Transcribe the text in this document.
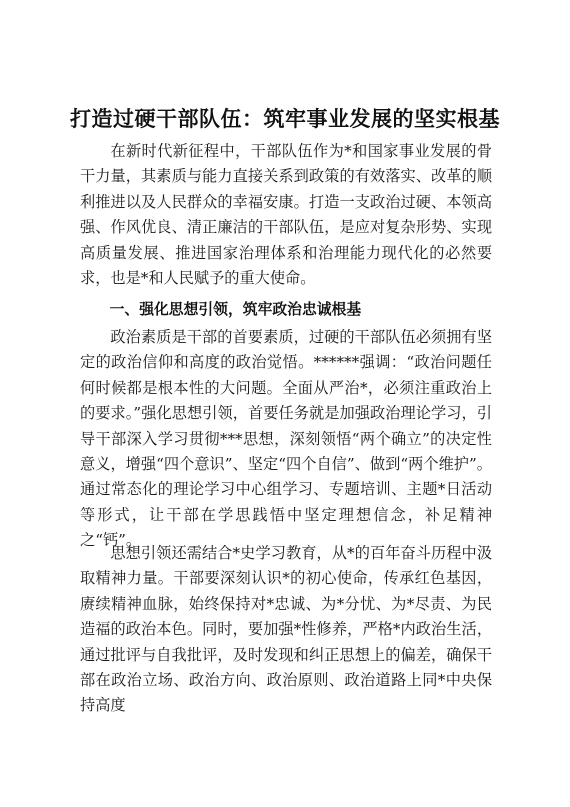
打造过硬干部队伍：筑牢事业发展的坚实根基

在新时代新征程中，干部队伍作为*和国家事业发展的骨干力量，其素质与能力直接关系到政策的有效落实、改革的顺利推进以及人民群众的幸福安康。打造一支政治过硬、本领高强、作风优良、清正廉洁的干部队伍，是应对复杂形势、实现高质量发展、推进国家治理体系和治理能力现代化的必然要求，也是*和人民赋予的重大使命。

一、强化思想引领，筑牢政治忠诚根基

政治素质是干部的首要素质，过硬的干部队伍必须拥有坚定的政治信仰和高度的政治觉悟。******强调：“政治问题任何时候都是根本性的大问题。全面从严治*，必须注重政治上的要求。”强化思想引领，首要任务就是加强政治理论学习，引导干部深入学习贯彻***思想，深刻领悟“两个确立”的决定性意义，增强“四个意识”、坚定“四个自信”、做到“两个维护”。通过常态化的理论学习中心组学习、专题培训、主题*日活动等形式，让干部在学思践悟中坚定理想信念，补足精神之“钙”。

思想引领还需结合*史学习教育，从*的百年奋斗历程中汲取精神力量。干部要深刻认识*的初心使命，传承红色基因，赓续精神血脉，始终保持对*忠诚、为*分忧、为*尽责、为民造福的政治本色。同时，要加强*性修养，严格*内政治生活，通过批评与自我批评，及时发现和纠正思想上的偏差，确保干部在政治立场、政治方向、政治原则、政治道路上同*中央保持高度
